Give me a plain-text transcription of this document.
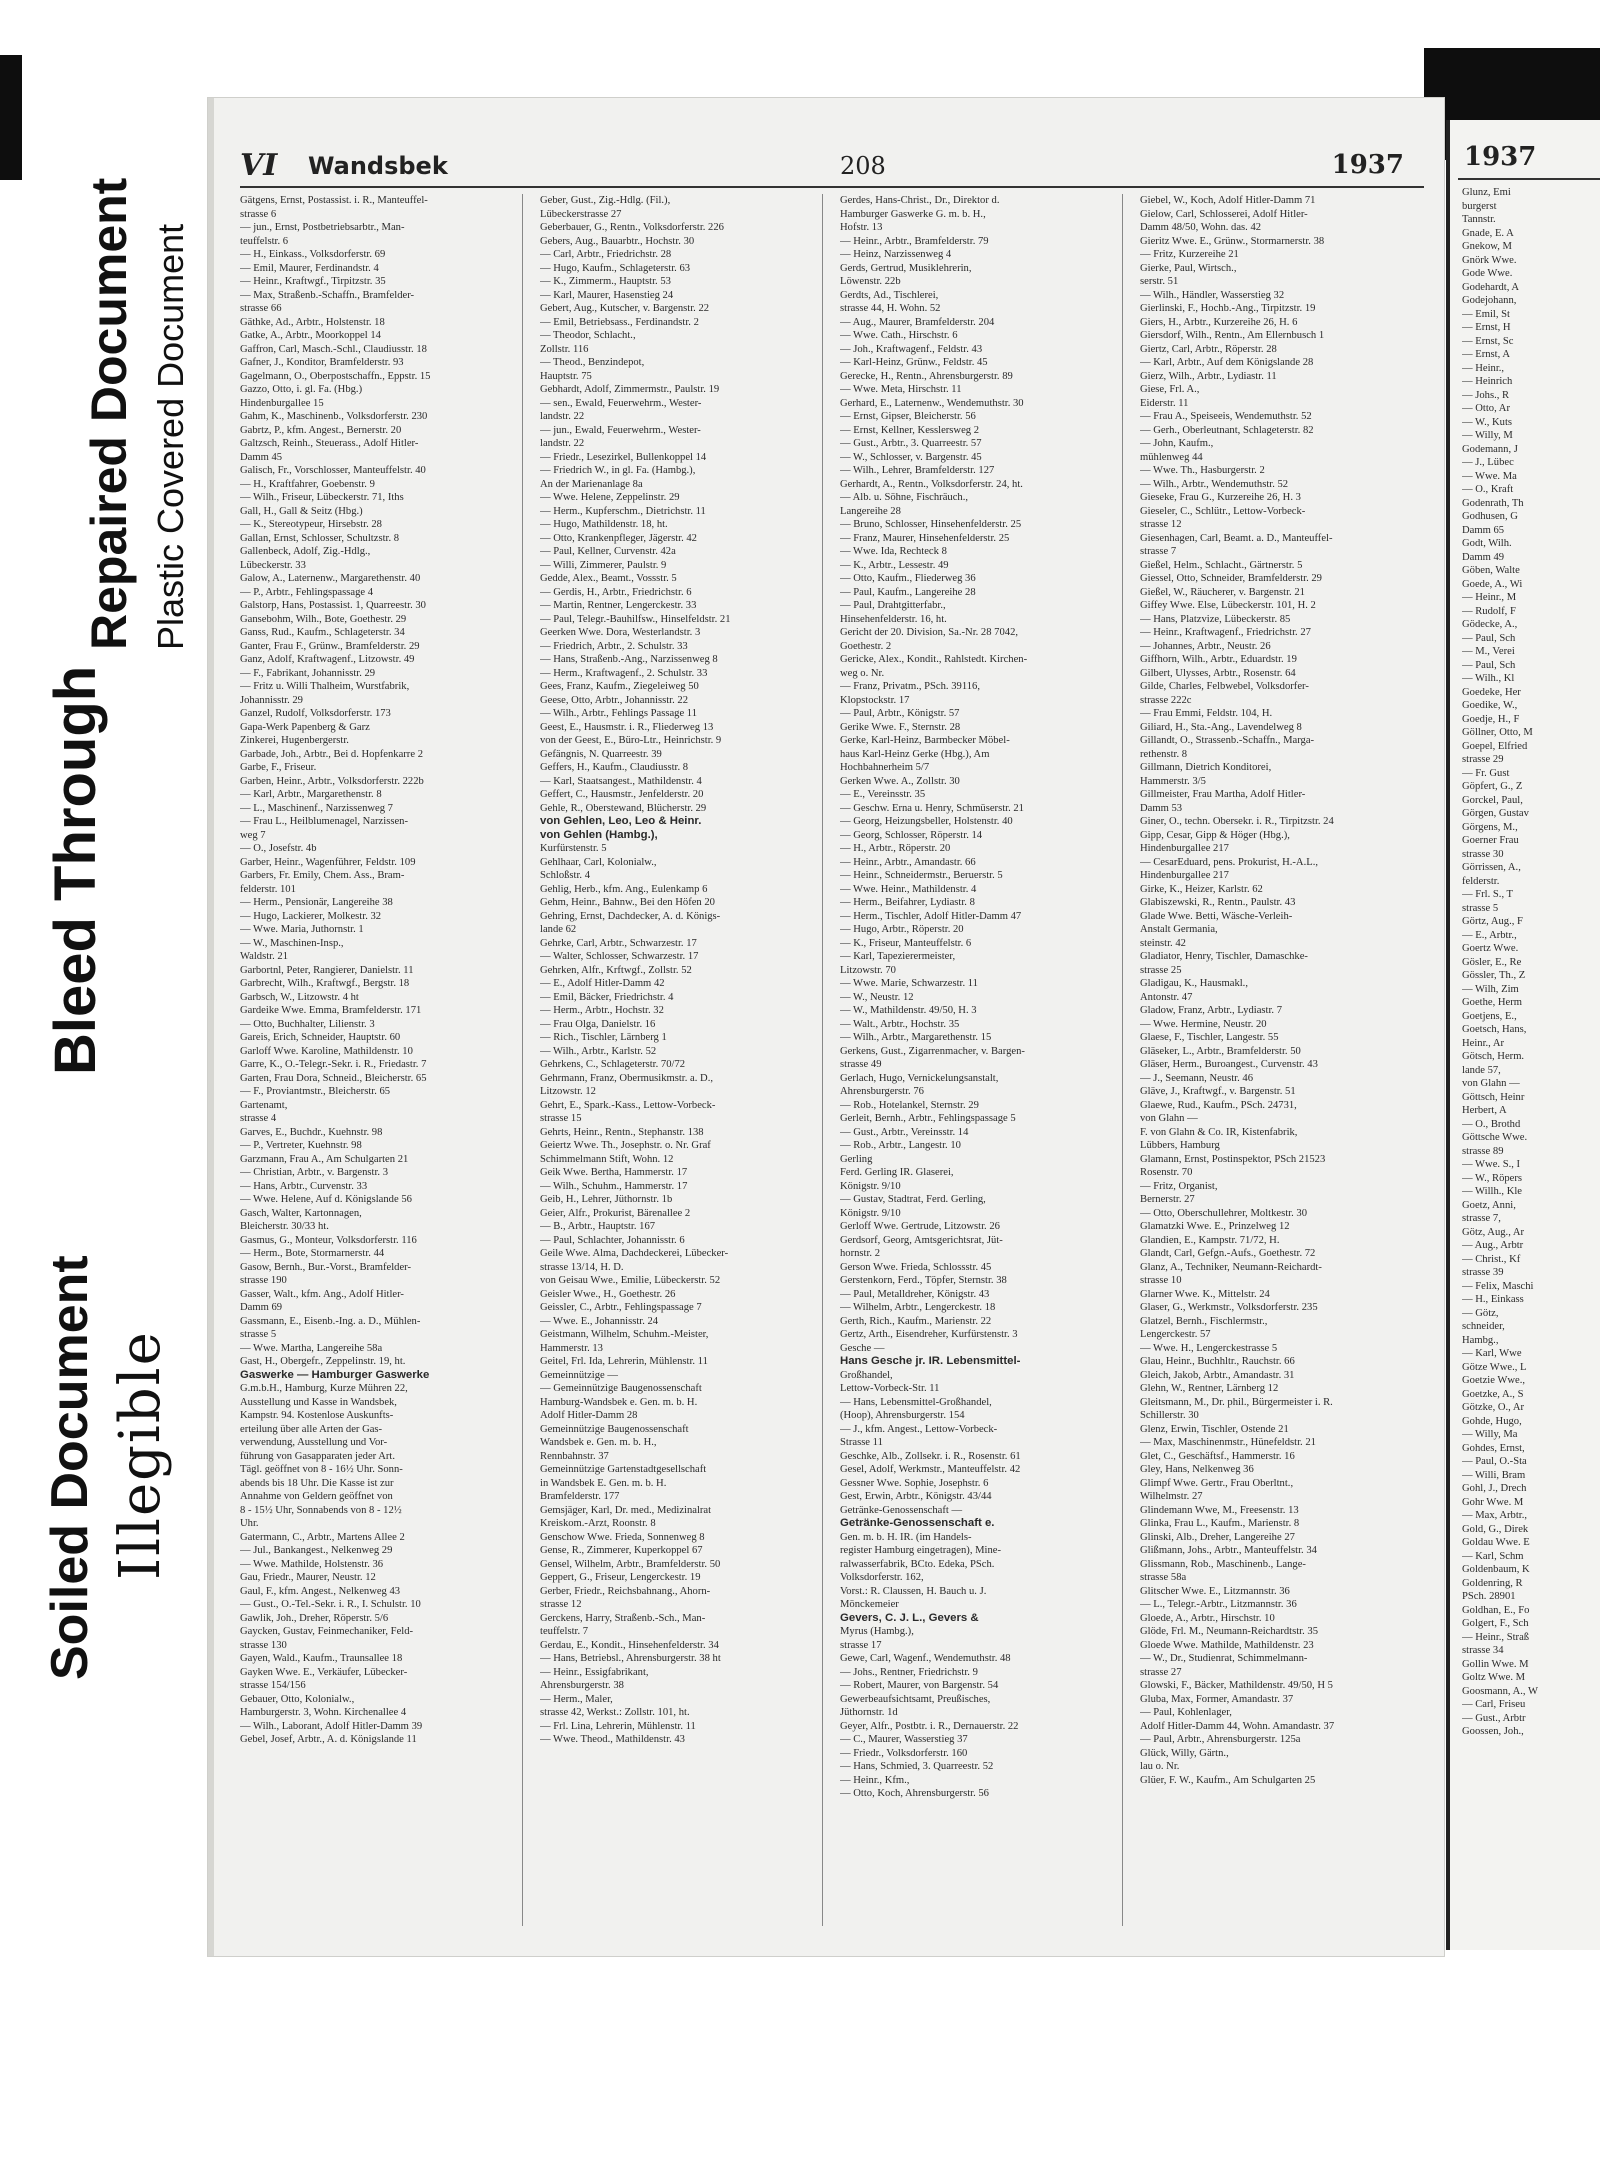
Soiled Document Illegible
Bleed Through
Repaired Document Plastic Covered Document
VI Wandsbek	208	1937
Gätgens, Ernst, Postassist. i. R., Manteuffel-
strasse 6
— jun., Ernst, Postbetriebsarbtr., Man-
teuffelstr. 6
— H., Einkass., Volksdorferstr. 69
— Emil, Maurer, Ferdinandstr. 4
— Heinr., Kraftwgf., Tirpitzstr. 35
— Max, Straßenb.-Schaffn., Bramfelder-
strasse 66
Gäthke, Ad., Arbtr., Holstenstr. 18
Gatke, A., Arbtr., Moorkoppel 14
Gaffron, Carl, Masch.-Schl., Claudiusstr. 18
Gafner, J., Konditor, Bramfelderstr. 93
Gagelmann, O., Oberpostschaffn., Eppstr. 15
Gazzo, Otto, i. gl. Fa. (Hbg.)
Hindenburgallee 15
Gahm, K., Maschinenb., Volksdorferstr. 230
Gabrtz, P., kfm. Angest., Bernerstr. 20
Galtzsch, Reinh., Steuerass., Adolf Hitler-
Damm 45
Galisch, Fr., Vorschlosser, Manteuffelstr. 40
— H., Kraftfahrer, Goebenstr. 9
— Wilh., Friseur, Lübeckerstr. 71, Iths
Gall, H., Gall & Seitz (Hbg.)
— K., Stereotypeur, Hirsebstr. 28
Gallan, Ernst, Schlosser, Schultzstr. 8
Gallenbeck, Adolf, Zig.-Hdlg.,
Lübeckerstr. 33
Galow, A., Laternenw., Margarethenstr. 40
— P., Arbtr., Fehlingspassage 4
Galstorp, Hans, Postassist. 1, Quarreestr. 30
Gansebohm, Wilh., Bote, Goethestr. 29
Ganss, Rud., Kaufm., Schlageterstr. 34
Ganter, Frau F., Grünw., Bramfelderstr. 29
Ganz, Adolf, Kraftwagenf., Litzowstr. 49
— F., Fabrikant, Johannisstr. 29
— Fritz u. Willi Thalheim, Wurstfabrik,
Johannisstr. 29
Ganzel, Rudolf, Volksdorferstr. 173
Gapa-Werk Papenberg & Garz
Zinkerei, Hugenbergerstr.
Garbade, Joh., Arbtr., Bei d. Hopfenkarre 2
Garbe, F., Friseur.
Garben, Heinr., Arbtr., Volksdorferstr. 222b
— Karl, Arbtr., Margarethenstr. 8
— L., Maschinenf., Narzissenweg 7
— Frau L., Heilblumenagel, Narzissen-
weg 7
— O., Josefstr. 4b
Garber, Heinr., Wagenführer, Feldstr. 109
Garbers, Fr. Emily, Chem. Ass., Bram-
felderstr. 101
— Herm., Pensionär, Langereihe 38
— Hugo, Lackierer, Molkestr. 32
— Wwe. Maria, Juthornstr. 1
— W., Maschinen-Insp.,
Waldstr. 21
Garbortnl, Peter, Rangierer, Danielstr. 11
Garbrecht, Wilh., Kraftwgf., Bergstr. 18
Garbsch, W., Litzowstr. 4 ht
Gardeike Wwe. Emma, Bramfelderstr. 171
— Otto, Buchhalter, Lilienstr. 3
Gareis, Erich, Schneider, Hauptstr. 60
Garloff Wwe. Karoline, Mathildenstr. 10
Garre, K., O.-Telegr.-Sekr. i. R., Friedastr. 7
Garten, Frau Dora, Schneid., Bleicherstr. 65
— F., Proviantmstr., Bleicherstr. 65
Gartenamt,
strasse 4
Garves, E., Buchdr., Kuehnstr. 98
— P., Vertreter, Kuehnstr. 98
Garzmann, Frau A., Am Schulgarten 21
— Christian, Arbtr., v. Bargenstr. 3
— Hans, Arbtr., Curvenstr. 33
— Wwe. Helene, Auf d. Königslande 56
Gasch, Walter, Kartonnagen,
Bleicherstr. 30/33 ht.
Gasmus, G., Monteur, Volksdorferstr. 116
— Herm., Bote, Stormarnerstr. 44
Gasow, Bernh., Bur.-Vorst., Bramfelder-
strasse 190
Gasser, Walt., kfm. Ang., Adolf Hitler-
Damm 69
Gassmann, E., Eisenb.-Ing. a. D., Mühlen-
strasse 5
— Wwe. Martha, Langereihe 58a
Gast, H., Obergefr., Zeppelinstr. 19, ht.
Gaswerke — Hamburger Gaswerke
G.m.b.H., Hamburg, Kurze Mühren 22,
Ausstellung und Kasse in Wandsbek,
Kampstr. 94. Kostenlose Auskunfts-
erteilung über alle Arten der Gas-
verwendung, Ausstellung und Vor-
führung von Gasapparaten jeder Art.
Tägl. geöffnet von 8 - 16½ Uhr. Sonn-
abends bis 18 Uhr. Die Kasse ist zur
Annahme von Geldern geöffnet von
8 - 15½ Uhr, Sonnabends von 8 - 12½
Uhr.
Gatermann, C., Arbtr., Martens Allee 2
— Jul., Bankangest., Nelkenweg 29
— Wwe. Mathilde, Holstenstr. 36
Gau, Friedr., Maurer, Neustr. 12
Gaul, F., kfm. Angest., Nelkenweg 43
— Gust., O.-Tel.-Sekr. i. R., I. Schulstr. 10
Gawlik, Joh., Dreher, Röperstr. 5/6
Gaycken, Gustav, Feinmechaniker, Feld-
strasse 130
Gayen, Wald., Kaufm., Traunsallee 18
Gayken Wwe. E., Verkäufer, Lübecker-
strasse 154/156
Gebauer, Otto, Kolonialw.,
Hamburgerstr. 3, Wohn. Kirchenallee 4
— Wilh., Laborant, Adolf Hitler-Damm 39
Gebel, Josef, Arbtr., A. d. Königslande 11
Geber, Gust., Zig.-Hdlg. (Fil.),
Lübeckerstrasse 27
Geberbauer, G., Rentn., Volksdorferstr. 226
Gebers, Aug., Bauarbtr., Hochstr. 30
— Carl, Arbtr., Friedrichstr. 28
— Hugo, Kaufm., Schlageterstr. 63
— K., Zimmerm., Hauptstr. 53
— Karl, Maurer, Hasenstieg 24
Gebert, Aug., Kutscher, v. Bargenstr. 22
— Emil, Betriebsass., Ferdinandstr. 2
— Theodor, Schlacht.,
Zollstr. 116
— Theod., Benzindepot,
Hauptstr. 75
Gebhardt, Adolf, Zimmermstr., Paulstr. 19
— sen., Ewald, Feuerwehrm., Wester-
landstr. 22
— jun., Ewald, Feuerwehrm., Wester-
landstr. 22
— Friedr., Lesezirkel, Bullenkoppel 14
— Friedrich W., in gl. Fa. (Hambg.),
An der Marienanlage 8a
— Wwe. Helene, Zeppelinstr. 29
— Herm., Kupferschm., Dietrichstr. 11
— Hugo, Mathildenstr. 18, ht.
— Otto, Krankenpfleger, Jägerstr. 42
— Paul, Kellner, Curvenstr. 42a
— Willi, Zimmerer, Paulstr. 9
Gedde, Alex., Beamt., Vossstr. 5
— Gerdis, H., Arbtr., Friedrichstr. 6
— Martin, Rentner, Lengerckestr. 33
— Paul, Telegr.-Bauhilfsw., Hinselfeldstr. 21
Geerken Wwe. Dora, Westerlandstr. 3
— Friedrich, Arbtr., 2. Schulstr. 33
— Hans, Straßenb.-Ang., Narzissenweg 8
— Herm., Kraftwagenf., 2. Schulstr. 33
Gees, Franz, Kaufm., Ziegeleiweg 50
Geese, Otto, Arbtr., Johannisstr. 22
— Wilh., Arbtr., Fehlings Passage 11
Geest, E., Hausmstr. i. R., Fliederweg 13
von der Geest, E., Büro-Ltr., Heinrichstr. 9
Gefängnis, N. Quarreestr. 39
Geffers, H., Kaufm., Claudiusstr. 8
— Karl, Staatsangest., Mathildenstr. 4
Geffert, C., Hausmstr., Jenfelderstr. 20
Gehle, R., Oberstewand, Blücherstr. 29
von Gehlen, Leo, Leo & Heinr.
von Gehlen (Hambg.),
Kurfürstenstr. 5
Gehlhaar, Carl, Kolonialw.,
Schloßstr. 4
Gehlig, Herb., kfm. Ang., Eulenkamp 6
Gehm, Heinr., Bahnw., Bei den Höfen 20
Gehring, Ernst, Dachdecker, A. d. Königs-
lande 62
Gehrke, Carl, Arbtr., Schwarzestr. 17
— Walter, Schlosser, Schwarzestr. 17
Gehrken, Alfr., Krftwgf., Zollstr. 52
— E., Adolf Hitler-Damm 42
— Emil, Bäcker, Friedrichstr. 4
— Herm., Arbtr., Hochstr. 32
— Frau Olga, Danielstr. 16
— Rich., Tischler, Lärnberg 1
— Wilh., Arbtr., Karlstr. 52
Gehrkens, C., Schlageterstr. 70/72
Gehrmann, Franz, Obermusikmstr. a. D.,
Litzowstr. 12
Gehrt, E., Spark.-Kass., Lettow-Vorbeck-
strasse 15
Gehrts, Heinr., Rentn., Stephanstr. 138
Geiertz Wwe. Th., Josephstr. o. Nr. Graf
Schimmelmann Stift, Wohn. 12
Geik Wwe. Bertha, Hammerstr. 17
— Wilh., Schuhm., Hammerstr. 17
Geib, H., Lehrer, Jüthornstr. 1b
Geier, Alfr., Prokurist, Bärenallee 2
— B., Arbtr., Hauptstr. 167
— Paul, Schlachter, Johannisstr. 6
Geile Wwe. Alma, Dachdeckerei, Lübecker-
strasse 13/14, H. D.
von Geisau Wwe., Emilie, Lübeckerstr. 52
Geisler Wwe., H., Goethestr. 26
Geissler, C., Arbtr., Fehlingspassage 7
— Wwe. E., Johannisstr. 24
Geistmann, Wilhelm, Schuhm.-Meister,
Hammerstr. 13
Geitel, Frl. Ida, Lehrerin, Mühlenstr. 11
Gemeinnützige —
— Gemeinnützige Baugenossenschaft
Hamburg-Wandsbek e. Gen. m. b. H.
Adolf Hitler-Damm 28
Gemeinnützige Baugenossenschaft
Wandsbek e. Gen. m. b. H.,
Rennbahnstr. 37
Gemeinnützige Gartenstadtgesellschaft
in Wandsbek E. Gen. m. b. H.
Bramfelderstr. 177
Gemsjäger, Karl, Dr. med., Medizinalrat
Kreiskom.-Arzt, Roonstr. 8
Genschow Wwe. Frieda, Sonnenweg 8
Gense, R., Zimmerer, Kuperkoppel 67
Gensel, Wilhelm, Arbtr., Bramfelderstr. 50
Geppert, G., Friseur, Lengerckestr. 19
Gerber, Friedr., Reichsbahnang., Ahorn-
strasse 12
Gerckens, Harry, Straßenb.-Sch., Man-
teuffelstr. 7
Gerdau, E., Kondit., Hinsehenfelderstr. 34
— Hans, Betriebsl., Ahrensburgerstr. 38 ht
— Heinr., Essigfabrikant,
Ahrensburgerstr. 38
— Herm., Maler,
strasse 42, Werkst.: Zollstr. 101, ht.
— Frl. Lina, Lehrerin, Mühlenstr. 11
— Wwe. Theod., Mathildenstr. 43
Gerdes, Hans-Christ., Dr., Direktor d.
Hamburger Gaswerke G. m. b. H.,
Hofstr. 13
— Heinr., Arbtr., Bramfelderstr. 79
— Heinz, Narzissenweg 4
Gerds, Gertrud, Musiklehrerin,
Löwenstr. 22b
Gerdts, Ad., Tischlerei,
strasse 44, H. Wohn. 52
— Aug., Maurer, Bramfelderstr. 204
— Wwe. Cath., Hirschstr. 6
— Joh., Kraftwagenf., Feldstr. 43
— Karl-Heinz, Grünw., Feldstr. 45
Gerecke, H., Rentn., Ahrensburgerstr. 89
— Wwe. Meta, Hirschstr. 11
Gerhard, E., Laternenw., Wendemuthstr. 30
— Ernst, Gipser, Bleicherstr. 56
— Ernst, Kellner, Kesslersweg 2
— Gust., Arbtr., 3. Quarreestr. 57
— W., Schlosser, v. Bargenstr. 45
— Wilh., Lehrer, Bramfelderstr. 127
Gerhardt, A., Rentn., Volksdorferstr. 24, ht.
— Alb. u. Söhne, Fischräuch.,
Langereihe 28
— Bruno, Schlosser, Hinsehenfelderstr. 25
— Franz, Maurer, Hinsehenfelderstr. 25
— Wwe. Ida, Rechteck 8
— K., Arbtr., Lessestr. 49
— Otto, Kaufm., Fliederweg 36
— Paul, Kaufm., Langereihe 28
— Paul, Drahtgitterfabr.,
Hinsehenfelderstr. 16, ht.
Gericht der 20. Division, Sa.-Nr. 28 7042,
Goethestr. 2
Gericke, Alex., Kondit., Rahlstedt. Kirchen-
weg o. Nr.
— Franz, Privatm., PSch. 39116,
Klopstockstr. 17
— Paul, Arbtr., Königstr. 57
Gerike Wwe. F., Sternstr. 28
Gerke, Karl-Heinz, Barmbecker Möbel-
haus Karl-Heinz Gerke (Hbg.), Am
Hochbahnerheim 5/7
Gerken Wwe. A., Zollstr. 30
— E., Vereinsstr. 35
— Geschw. Erna u. Henry, Schmüserstr. 21
— Georg, Heizungsbeller, Holstenstr. 40
— Georg, Schlosser, Röperstr. 14
— H., Arbtr., Röperstr. 20
— Heinr., Arbtr., Amandastr. 66
— Heinr., Schneidermstr., Beruerstr. 5
— Wwe. Heinr., Mathildenstr. 4
— Herm., Beifahrer, Lydiastr. 8
— Herm., Tischler, Adolf Hitler-Damm 47
— Hugo, Arbtr., Röperstr. 20
— K., Friseur, Manteuffelstr. 6
— Karl, Tapezierermeister,
Litzowstr. 70
— Wwe. Marie, Schwarzestr. 11
— W., Neustr. 12
— W., Mathildenstr. 49/50, H. 3
— Walt., Arbtr., Hochstr. 35
— Wilh., Arbtr., Margarethenstr. 15
Gerkens, Gust., Zigarrenmacher, v. Bargen-
strasse 49
Gerlach, Hugo, Vernickelungsanstalt,
Ahrensburgerstr. 76
— Rob., Hotelankel, Sternstr. 29
Gerleit, Bernh., Arbtr., Fehlingspassage 5
— Gust., Arbtr., Vereinsstr. 14
— Rob., Arbtr., Langestr. 10
Gerling
Ferd. Gerling IR. Glaserei,
Königstr. 9/10
— Gustav, Stadtrat, Ferd. Gerling,
Königstr. 9/10
Gerloff Wwe. Gertrude, Litzowstr. 26
Gerdsorf, Georg, Amtsgerichtsrat, Jüt-
hornstr. 2
Gerson Wwe. Frieda, Schlossstr. 45
Gerstenkorn, Ferd., Töpfer, Sternstr. 38
— Paul, Metalldreher, Königstr. 43
— Wilhelm, Arbtr., Lengerckestr. 18
Gerth, Rich., Kaufm., Marienstr. 22
Gertz, Arth., Eisendreher, Kurfürstenstr. 3
Gesche —
Hans Gesche jr. IR. Lebensmittel-
Großhandel,
Lettow-Vorbeck-Str. 11
— Hans, Lebensmittel-Großhandel,
(Hoop), Ahrensburgerstr. 154
— J., kfm. Angest., Lettow-Vorbeck-
Strasse 11
Geschke, Alb., Zollsekr. i. R., Rosenstr. 61
Gesel, Adolf, Werkmstr., Manteuffelstr. 42
Gessner Wwe. Sophie, Josephstr. 6
Gest, Erwin, Arbtr., Königstr. 43/44
Getränke-Genossenschaft —
Getränke-Genossenschaft e.
Gen. m. b. H. IR. (im Handels-
register Hamburg eingetragen), Mine-
ralwasserfabrik, BCto. Edeka, PSch.
Volksdorferstr. 162,
Vorst.: R. Claussen, H. Bauch u. J.
Mönckemeier
Gevers, C. J. L., Gevers &
Myrus (Hambg.),
strasse 17
Gewe, Carl, Wagenf., Wendemuthstr. 48
— Johs., Rentner, Friedrichstr. 9
— Robert, Maurer, von Bargenstr. 54
Gewerbeaufsichtsamt, Preußisches,
Jüthornstr. 1d
Geyer, Alfr., Postbtr. i. R., Dernauerstr. 22
— C., Maurer, Wasserstieg 37
— Friedr., Volksdorferstr. 160
— Hans, Schmied, 3. Quarreestr. 52
— Heinr., Kfm.,
— Otto, Koch, Ahrensburgerstr. 56
Giebel, W., Koch, Adolf Hitler-Damm 71
Gielow, Carl, Schlosserei, Adolf Hitler-
Damm 48/50, Wohn. das. 42
Gieritz Wwe. E., Grünw., Stormarnerstr. 38
— Fritz, Kurzereihe 21
Gierke, Paul, Wirtsch.,
serstr. 51
— Wilh., Händler, Wasserstieg 32
Gierlinski, F., Hochb.-Ang., Tirpitzstr. 19
Giers, H., Arbtr., Kurzereihe 26, H. 6
Giersdorf, Wilh., Rentn., Am Ellernbusch 1
Giertz, Carl, Arbtr., Röperstr. 28
— Karl, Arbtr., Auf dem Königslande 28
Gierz, Wilh., Arbtr., Lydiastr. 11
Giese, Frl. A.,
Eiderstr. 11
— Frau A., Speiseeis, Wendemuthstr. 52
— Gerh., Oberleutnant, Schlageterstr. 82
— John, Kaufm.,
mühlenweg 44
— Wwe. Th., Hasburgerstr. 2
— Wilh., Arbtr., Wendemuthstr. 52
Gieseke, Frau G., Kurzereihe 26, H. 3
Gieseler, C., Schlütr., Lettow-Vorbeck-
strasse 12
Giesenhagen, Carl, Beamt. a. D., Manteuffel-
strasse 7
Gießel, Helm., Schlacht., Gärtnerstr. 5
Giessel, Otto, Schneider, Bramfelderstr. 29
Gießel, W., Räucherer, v. Bargenstr. 21
Giffey Wwe. Else, Lübeckerstr. 101, H. 2
— Hans, Platzvize, Lübeckerstr. 85
— Heinr., Kraftwagenf., Friedrichstr. 27
— Johannes, Arbtr., Neustr. 26
Giffhorn, Wilh., Arbtr., Eduardstr. 19
Gilbert, Ulysses, Arbtr., Rosenstr. 64
Gilde, Charles, Felbwebel, Volksdorfer-
strasse 222c
— Frau Emmi, Feldstr. 104, H.
Giliard, H., Sta.-Ang., Lavendelweg 8
Gillandt, O., Strassenb.-Schaffn., Marga-
rethenstr. 8
Gillmann, Dietrich Konditorei,
Hammerstr. 3/5
Gillmeister, Frau Martha, Adolf Hitler-
Damm 53
Giner, O., techn. Obersekr. i. R., Tirpitzstr. 24
Gipp, Cesar, Gipp & Höger (Hbg.),
Hindenburgallee 217
— CesarEduard, pens. Prokurist, H.-A.L.,
Hindenburgallee 217
Girke, K., Heizer, Karlstr. 62
Glabiszewski, R., Rentn., Paulstr. 43
Glade Wwe. Betti, Wäsche-Verleih-
Anstalt Germania,
steinstr. 42
Gladiator, Henry, Tischler, Damaschke-
strasse 25
Gladigau, K., Hausmakl.,
Antonstr. 47
Gladow, Franz, Arbtr., Lydiastr. 7
— Wwe. Hermine, Neustr. 20
Glaese, F., Tischler, Langestr. 55
Gläseker, L., Arbtr., Bramfelderstr. 50
Gläser, Herm., Buroangest., Curvenstr. 43
— J., Seemann, Neustr. 46
Gläve, J., Kraftwgf., v. Bargenstr. 51
Glaewe, Rud., Kaufm., PSch. 24731,
von Glahn —
F. von Glahn & Co. IR, Kistenfabrik,
Lübbers, Hamburg
Glamann, Ernst, Postinspektor, PSch 21523
Rosenstr. 70
— Fritz, Organist,
Bernerstr. 27
— Otto, Oberschullehrer, Moltkestr. 30
Glamatzki Wwe. E., Prinzelweg 12
Glandien, E., Kampstr. 71/72, H.
Glandt, Carl, Gefgn.-Aufs., Goethestr. 72
Glanz, A., Techniker, Neumann-Reichardt-
strasse 10
Glarner Wwe. K., Mittelstr. 24
Glaser, G., Werkmstr., Volksdorferstr. 235
Glatzel, Bernh., Fischlermstr.,
Lengerckestr. 57
— Wwe. H., Lengerckestrasse 5
Glau, Heinr., Buchhltr., Rauchstr. 66
Gleich, Jakob, Arbtr., Amandastr. 31
Glehn, W., Rentner, Lärnberg 12
Gleitsmann, M., Dr. phil., Bürgermeister i. R.
Schillerstr. 30
Glenz, Erwin, Tischler, Ostende 21
— Max, Maschinenmstr., Hünefeldstr. 21
Glet, C., Geschäftsf., Hammerstr. 16
Gley, Hans, Nelkenweg 36
Glimpf Wwe. Gertr., Frau Oberltnt.,
Wilhelmstr. 27
Glindemann Wwe, M., Freesenstr. 13
Glinka, Frau L., Kaufm., Marienstr. 8
Glinski, Alb., Dreher, Langereihe 27
Glißmann, Johs., Arbtr., Manteuffelstr. 34
Glissmann, Rob., Maschinenb., Lange-
strasse 58a
Glitscher Wwe. E., Litzmannstr. 36
— L., Telegr.-Arbtr., Litzmannstr. 36
Gloede, A., Arbtr., Hirschstr. 10
Glöde, Frl. M., Neumann-Reichardtstr. 35
Gloede Wwe. Mathilde, Mathildenstr. 23
— W., Dr., Studienrat, Schimmelmann-
strasse 27
Glowski, F., Bäcker, Mathildenstr. 49/50, H 5
Gluba, Max, Former, Amandastr. 37
— Paul, Kohlenlager,
Adolf Hitler-Damm 44, Wohn. Amandastr. 37
— Paul, Arbtr., Ahrensburgerstr. 125a
Glück, Willy, Gärtn.,
lau o. Nr.
Glüer, F. W., Kaufm., Am Schulgarten 25
1937
Glunz, Emi
burgerst
Tannstr.
Gnade, E. A
Gnekow, M
Gnörk Wwe.
Gode Wwe.
Godehardt, A
Godejohann,
— Emil, St
— Ernst, H
— Ernst, Sc
— Ernst, A
— Heinr.,
— Heinrich
— Johs., R
— Otto, Ar
— W., Kuts
— Willy, M
Godemann, J
— J., Lübec
— Wwe. Ma
— O., Kraft
Godenrath, Th
Godhusen, G
Damm 65
Godt, Wilh.
Damm 49
Göben, Walte
Goede, A., Wi
— Heinr., M
— Rudolf, F
Gödecke, A.,
— Paul, Sch
— M., Verei
— Paul, Sch
— Wilh., Kl
Goedeke, Her
Goedike, W.,
Goedje, H., F
Göllner, Otto, M
Goepel, Elfried
strasse 29
— Fr. Gust
Göpfert, G., Z
Gorckel, Paul,
Görgen, Gustav
Görgens, M.,
Goerner Frau
strasse 30
Görrissen, A.,
felderstr.
— Frl. S., T
strasse 5
Görtz, Aug., F
— E., Arbtr.,
Goertz Wwe.
Gösler, E., Re
Gössler, Th., Z
— Wilh, Zim
Goethe, Herm
Goetjens, E.,
Goetsch, Hans,
Heinr., Ar
Götsch, Herm.
lande 57,
von Glahn —
Göttsch, Heinr
Herbert, A
— O., Brothd
Göttsche Wwe.
strasse 89
— Wwe. S., I
— W., Röpers
— Willh., Kle
Goetz, Anni,
strasse 7,
Götz, Aug., Ar
— Aug., Arbtr
— Christ., Kf
strasse 39
— Felix, Maschi
— H., Einkass
— Götz,
schneider,
Hambg.,
— Karl, Wwe
Götze Wwe., L
Goetzie Wwe.,
Goetzke, A., S
Götzke, O., Ar
Gohde, Hugo,
— Willy, Ma
Gohdes, Ernst,
— Paul, O.-Sta
— Willi, Bram
Gohl, J., Drech
Gohr Wwe. M
— Max, Arbtr.,
Gold, G., Direk
Goldau Wwe. E
— Karl, Schm
Goldenbaum, K
Goldenring, R
PSch. 28901
Goldhan, E., Fo
Golgert, F., Sch
— Heinr., Straß
strasse 34
Gollin Wwe. M
Goltz Wwe. M
Goosmann, A., W
— Carl, Friseu
— Gust., Arbtr
Goossen, Joh.,
